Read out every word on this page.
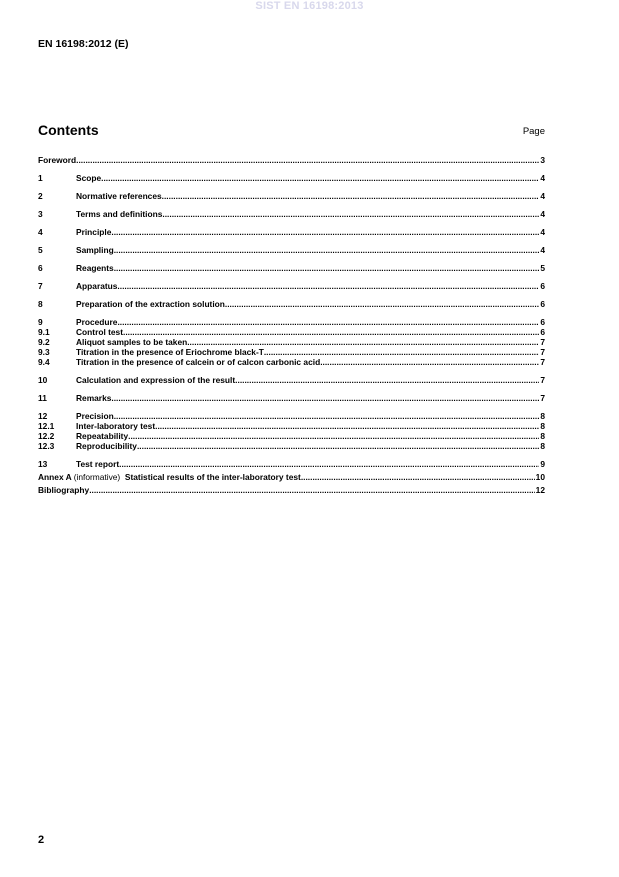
SIST EN 16198:2013
EN 16198:2012 (E)
Contents	Page
Foreword .....	3
1	Scope .....	4
2	Normative references .....	4
3	Terms and definitions .....	4
4	Principle .....	4
5	Sampling .....	4
6	Reagents .....	5
7	Apparatus .....	6
8	Preparation of the extraction solution .....	6
9	Procedure .....	6
9.1	Control test .....	6
9.2	Aliquot samples to be taken .....	7
9.3	Titration in the presence of Eriochrome black-T .....	7
9.4	Titration in the presence of calcein or of calcon carbonic acid .....	7
10	Calculation and expression of the result .....	7
11	Remarks .....	7
12	Precision .....	8
12.1	Inter-laboratory test .....	8
12.2	Repeatability .....	8
12.3	Reproducibility .....	8
13	Test report .....	9
Annex A (informative) Statistical results of the inter-laboratory test .....	10
Bibliography .....	12
2
